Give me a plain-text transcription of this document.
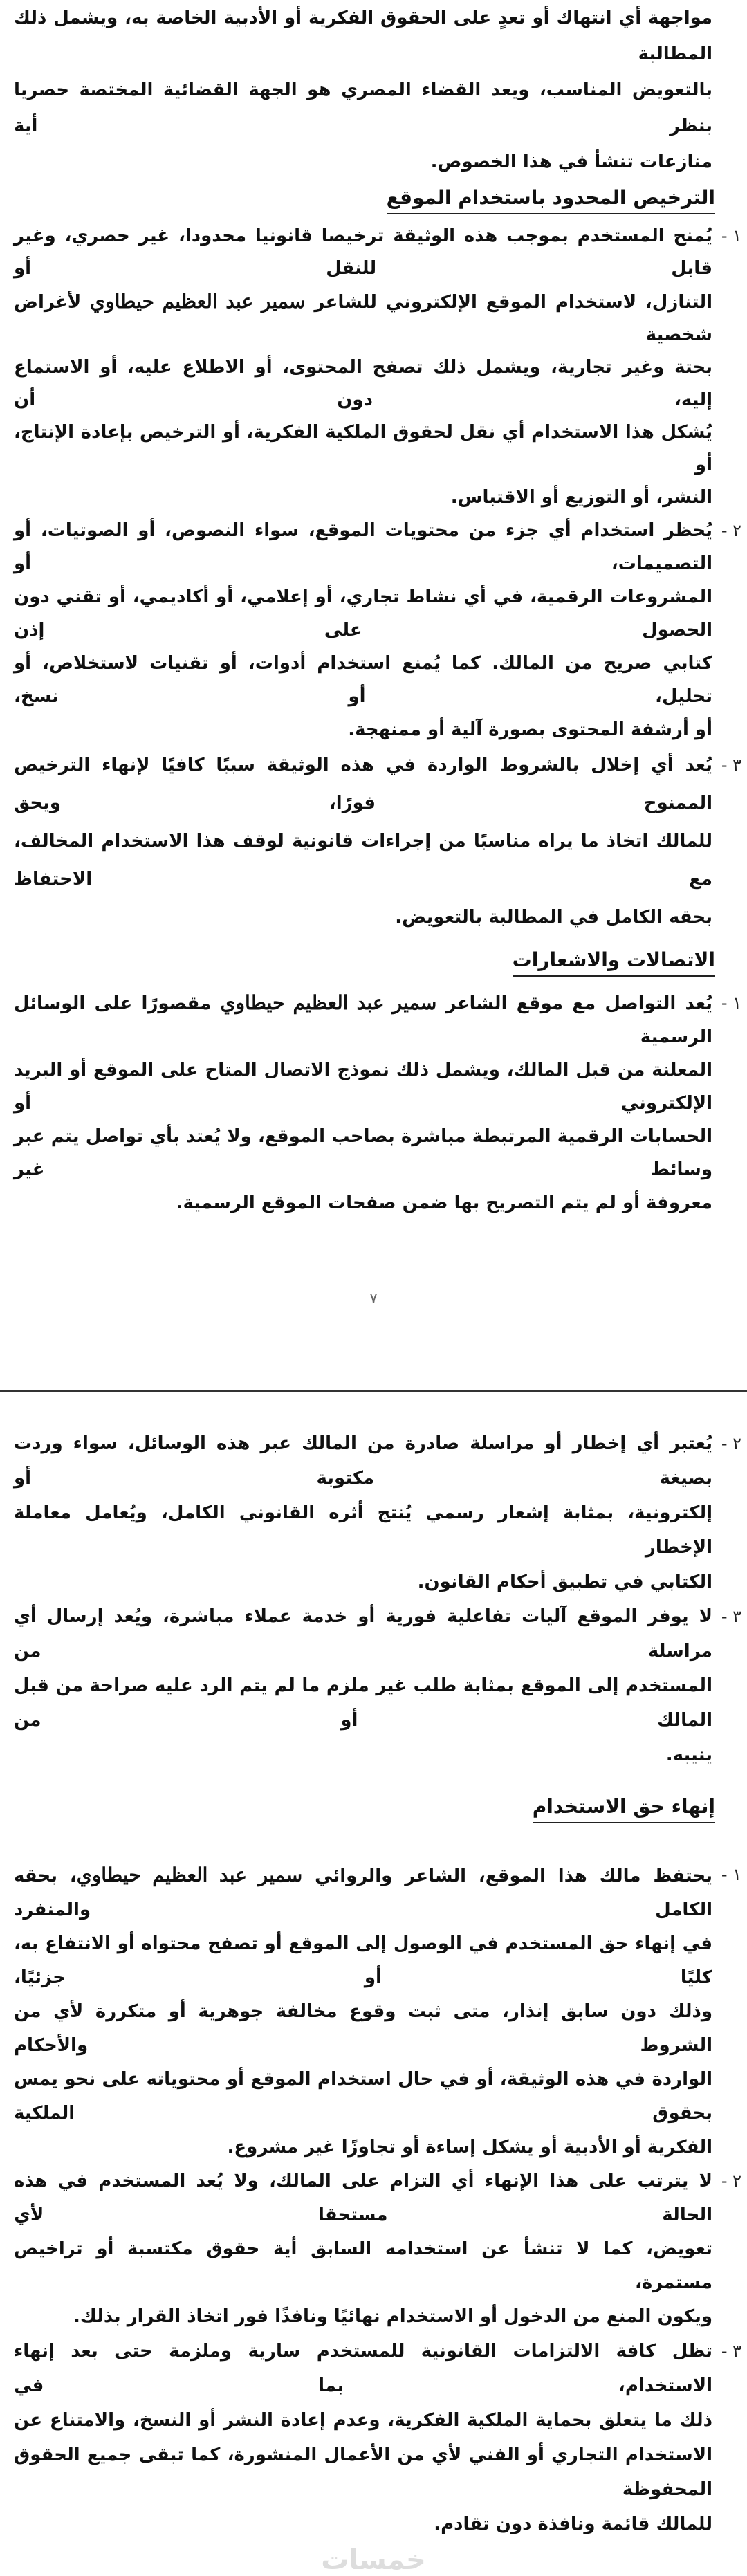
مواجهة أي انتهاك أو تعدٍ على الحقوق الفكرية أو الأدبية الخاصة به، ويشمل ذلك المطالبة
بالتعويض المناسب، ويعد القضاء المصري هو الجهة القضائية المختصة حصريا بنظر أية
منازعات تنشأ في هذا الخصوص.
الترخيص المحدود باستخدام الموقع
١ -
يُمنح المستخدم بموجب هذه الوثيقة ترخيصا قانونيا محدودا، غير حصري، وغير قابل للنقل أو
التنازل، لاستخدام الموقع الإلكتروني للشاعر سمير عبد العظيم حيطاوي لأغراض شخصية
بحتة وغير تجارية، ويشمل ذلك تصفح المحتوى، أو الاطلاع عليه، أو الاستماع إليه، دون أن
يُشكل هذا الاستخدام أي نقل لحقوق الملكية الفكرية، أو الترخيص بإعادة الإنتاج، أو
النشر، أو التوزيع أو الاقتباس.
٢ -
يُحظر استخدام أي جزء من محتويات الموقع، سواء النصوص، أو الصوتيات، أو التصميمات، أو
المشروعات الرقمية، في أي نشاط تجاري، أو إعلامي، أو أكاديمي، أو تقني دون الحصول على إذن
كتابي صريح من المالك. كما يُمنع استخدام أدوات، أو تقنيات لاستخلاص، أو تحليل، أو نسخ،
أو أرشفة المحتوى بصورة آلية أو ممنهجة.
٣ -
يُعد أي إخلال بالشروط الواردة في هذه الوثيقة سببًا كافيًا لإنهاء الترخيص الممنوح فورًا، ويحق
للمالك اتخاذ ما يراه مناسبًا من إجراءات قانونية لوقف هذا الاستخدام المخالف، مع الاحتفاظ
بحقه الكامل في المطالبة بالتعويض.
الاتصالات والاشعارات
١ -
يُعد التواصل مع موقع الشاعر سمير عبد العظيم حيطاوي مقصورًا على الوسائل الرسمية
المعلنة من قبل المالك، ويشمل ذلك نموذج الاتصال المتاح على الموقع أو البريد الإلكتروني أو
الحسابات الرقمية المرتبطة مباشرة بصاحب الموقع، ولا يُعتد بأي تواصل يتم عبر وسائط غير
معروفة أو لم يتم التصريح بها ضمن صفحات الموقع الرسمية.
٧
٢ -
يُعتبر أي إخطار أو مراسلة صادرة من المالك عبر هذه الوسائل، سواء وردت بصيغة مكتوبة أو
إلكترونية، بمثابة إشعار رسمي يُنتج أثره القانوني الكامل، ويُعامل معاملة الإخطار
الكتابي في تطبيق أحكام القانون.
٣ -
لا يوفر الموقع آليات تفاعلية فورية أو خدمة عملاء مباشرة، ويُعد إرسال أي مراسلة من
المستخدم إلى الموقع بمثابة طلب غير ملزم ما لم يتم الرد عليه صراحة من قبل المالك أو من
ينيبه.
إنهاء حق الاستخدام
١ -
يحتفظ مالك هذا الموقع، الشاعر والروائي سمير عبد العظيم حيطاوي، بحقه الكامل والمنفرد
في إنهاء حق المستخدم في الوصول إلى الموقع أو تصفح محتواه أو الانتفاع به، كليًا أو جزئيًا،
وذلك دون سابق إنذار، متى ثبت وقوع مخالفة جوهرية أو متكررة لأي من الشروط والأحكام
الواردة في هذه الوثيقة، أو في حال استخدام الموقع أو محتوياته على نحو يمس بحقوق الملكية
الفكرية أو الأدبية أو يشكل إساءة أو تجاوزًا غير مشروع.
٢ -
لا يترتب على هذا الإنهاء أي التزام على المالك، ولا يُعد المستخدم في هذه الحالة مستحقا لأي
تعويض، كما لا تنشأ عن استخدامه السابق أية حقوق مكتسبة أو تراخيص مستمرة،
ويكون المنع من الدخول أو الاستخدام نهائيًا ونافذًا فور اتخاذ القرار بذلك.
٣ -
تظل كافة الالتزامات القانونية للمستخدم سارية وملزمة حتى بعد إنهاء الاستخدام، بما في
ذلك ما يتعلق بحماية الملكية الفكرية، وعدم إعادة النشر أو النسخ، والامتناع عن
الاستخدام التجاري أو الفني لأي من الأعمال المنشورة، كما تبقى جميع الحقوق المحفوظة
للمالك قائمة ونافذة دون تقادم.
خمسات
